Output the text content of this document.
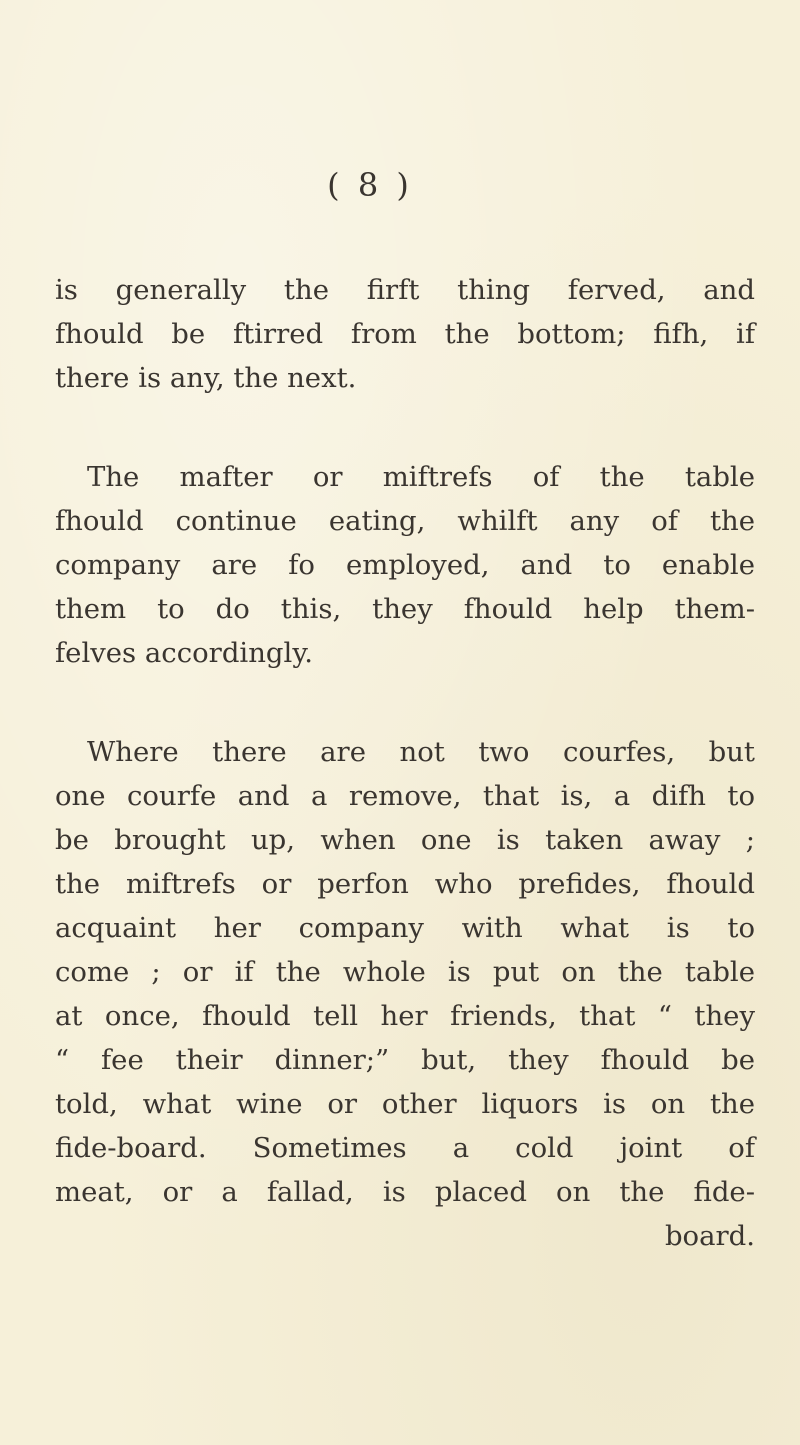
( 8 )
is generally the firft thing ferved, and
fhould be ftirred from the bottom; fifh, if
there is any, the next.
The mafter or miftrefs of the table
fhould continue eating, whilft any of the
company are fo employed, and to enable
them to do this, they fhould help them-
felves accordingly.
Where there are not two courfes, but
one courfe and a remove, that is, a difh to
be brought up, when one is taken away ;
the miftrefs or perfon who prefides, fhould
acquaint her company with what is to
come ; or if the whole is put on the table
at once, fhould tell her friends, that “ they
“ fee their dinner;” but, they fhould be
told, what wine or other liquors is on the
fide-board. Sometimes a cold joint of
meat, or a fallad, is placed on the fide-
board.
